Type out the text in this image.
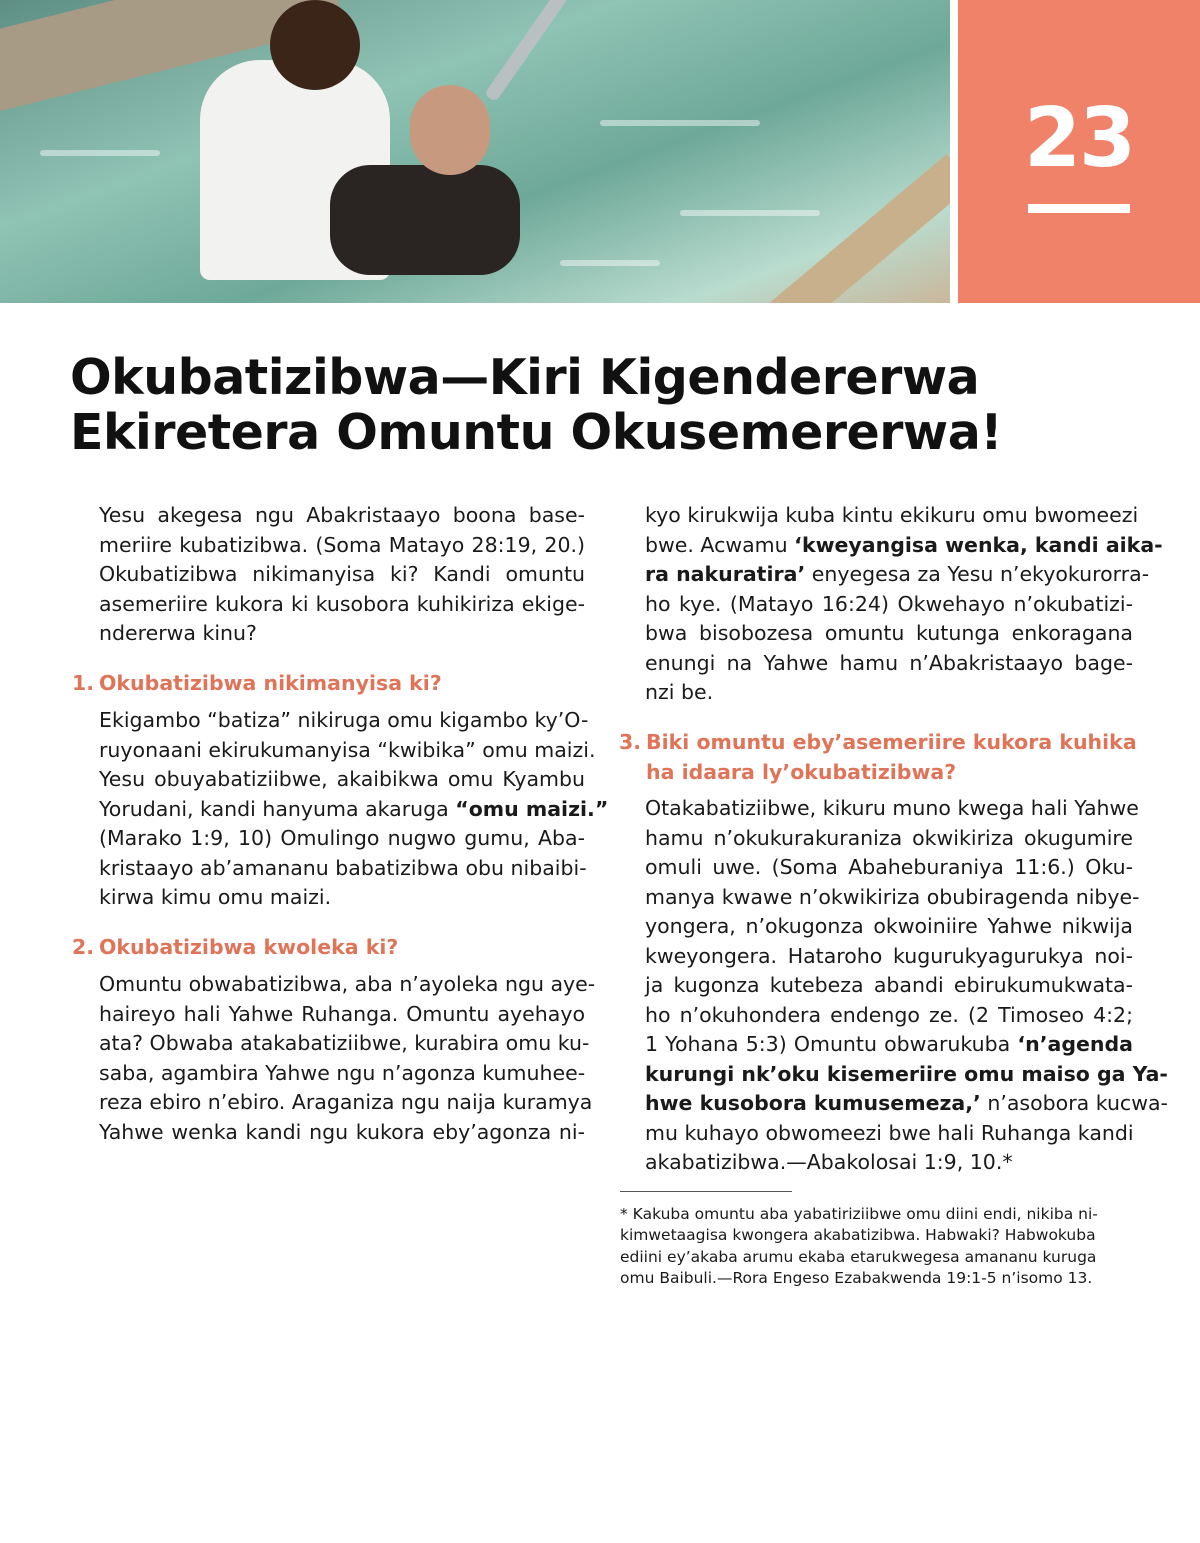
23
Okubatizibwa—Kiri Kigendererwa
Ekiretera Omuntu Okusemererwa!
Yesu akegesa ngu Abakristaayo boona base-
meriire kubatizibwa. (Soma Matayo 28:19, 20.)
Okubatizibwa nikimanyisa ki? Kandi omuntu
asemeriire kukora ki kusobora kuhikiriza ekige-
ndererwa kinu?
1. Okubatizibwa nikimanyisa ki?
Ekigambo “batiza” nikiruga omu kigambo ky’O-
ruyonaani ekirukumanyisa “kwibika” omu maizi.
Yesu obuyabatiziibwe, akaibikwa omu Kyambu
Yorudani, kandi hanyuma akaruga “omu maizi.”
(Marako 1:9, 10) Omulingo nugwo gumu, Aba-
kristaayo ab’amananu babatizibwa obu nibaibi-
kirwa kimu omu maizi.
2. Okubatizibwa kwoleka ki?
Omuntu obwabatizibwa, aba n’ayoleka ngu aye-
haireyo hali Yahwe Ruhanga. Omuntu ayehayo
ata? Obwaba atakabatiziibwe, kurabira omu ku-
saba, agambira Yahwe ngu n’agonza kumuhee-
reza ebiro n’ebiro. Araganiza ngu naija kuramya
Yahwe wenka kandi ngu kukora eby’agonza ni-
3. Biki omuntu eby’asemeriire kukora kuhika
ha idaara ly’okubatizibwa?
Otakabatiziibwe, kikuru muno kwega hali Yahwe
hamu n’okukurakuraniza okwikiriza okugumire
omuli uwe. (Soma Abaheburaniya 11:6.) Oku-
manya kwawe n’okwikiriza obubiragenda nibye-
yongera, n’okugonza okwoiniire Yahwe nikwija
kweyongera. Hataroho kugurukyagurukya noi-
ja kugonza kutebeza abandi ebirukumukwata-
ho n’okuhondera endengo ze. (2 Timoseo 4:2;
1 Yohana 5:3) Omuntu obwarukuba ‘n’agenda
kurungi nk’oku kisemeriire omu maiso ga Ya-
hwe kusobora kumusemeza,’ n’asobora kucwa-
mu kuhayo obwomeezi bwe hali Ruhanga kandi
akabatizibwa.—Abakolosai 1:9, 10.*
* Kakuba omuntu aba yabatiriziibwe omu diini endi, nikiba ni-
kimwetaagisa kwongera akabatizibwa. Habwaki? Habwokuba
ediini ey’akaba arumu ekaba etarukwegesa amananu kuruga
omu Baibuli.—Rora Engeso Ezabakwenda 19:1-5 n’isomo 13.
kyo kirukwija kuba kintu ekikuru omu bwomeezi
bwe. Acwamu ‘kweyangisa wenka, kandi aika-
ra nakuratira’ enyegesa za Yesu n’ekyokurorra-
ho kye. (Matayo 16:24) Okwehayo n’okubatizi-
bwa bisobozesa omuntu kutunga enkoragana
enungi na Yahwe hamu n’Abakristaayo bage-
nzi be.
